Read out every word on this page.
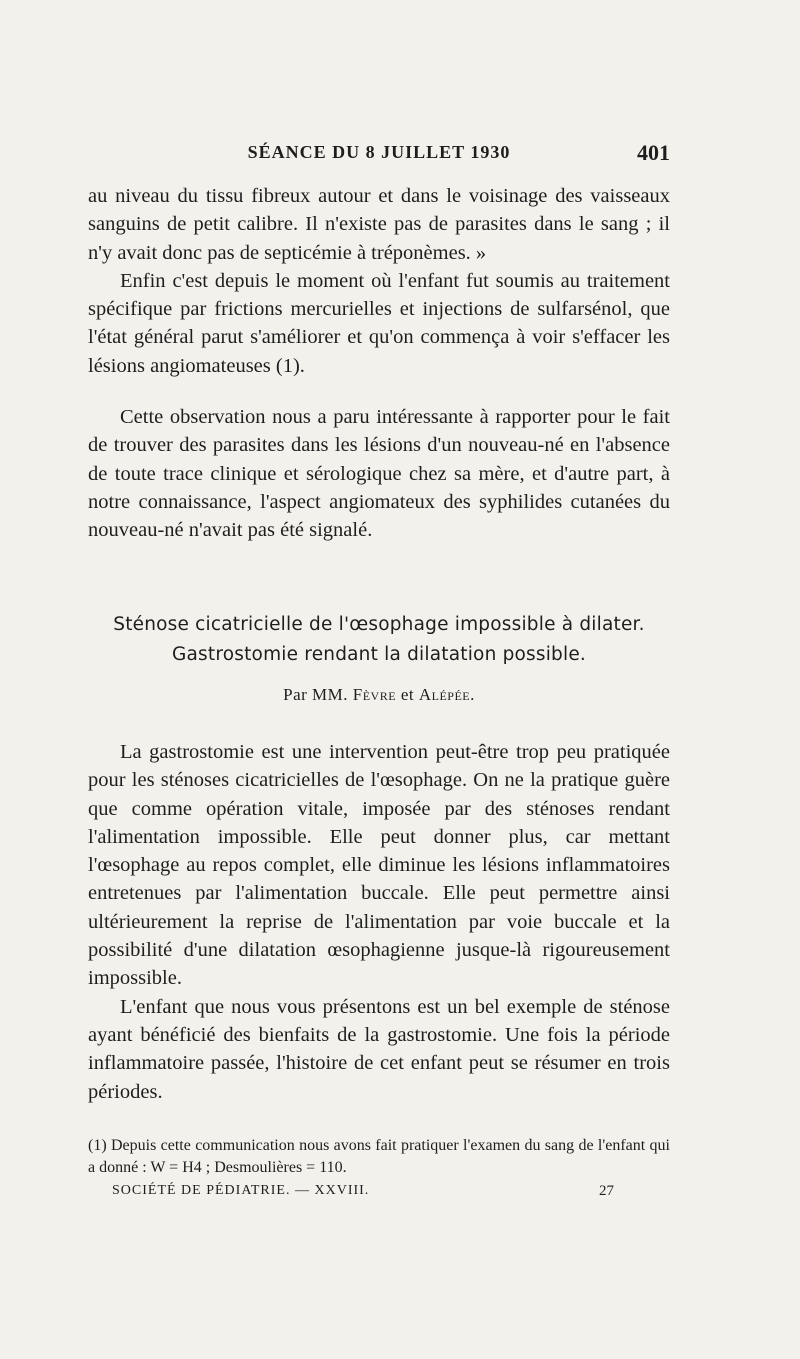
SÉANCE DU 8 JUILLET 1930	401

au niveau du tissu fibreux autour et dans le voisinage des vaisseaux sanguins de petit calibre. Il n'existe pas de parasites dans le sang ; il n'y avait donc pas de septicémie à tréponèmes. »

Enfin c'est depuis le moment où l'enfant fut soumis au traitement spécifique par frictions mercurielles et injections de sulfarsénol, que l'état général parut s'améliorer et qu'on commença à voir s'effacer les lésions angiomateuses (1).

Cette observation nous a paru intéressante à rapporter pour le fait de trouver des parasites dans les lésions d'un nouveau-né en l'absence de toute trace clinique et sérologique chez sa mère, et d'autre part, à notre connaissance, l'aspect angiomateux des syphilides cutanées du nouveau-né n'avait pas été signalé.

Sténose cicatricielle de l'œsophage impossible à dilater.
Gastrostomie rendant la dilatation possible.
Par MM. Fèvre et Alépée.

La gastrostomie est une intervention peut-être trop peu pratiquée pour les sténoses cicatricielles de l'œsophage. On ne la pratique guère que comme opération vitale, imposée par des sténoses rendant l'alimentation impossible. Elle peut donner plus, car mettant l'œsophage au repos complet, elle diminue les lésions inflammatoires entretenues par l'alimentation buccale. Elle peut permettre ainsi ultérieurement la reprise de l'alimentation par voie buccale et la possibilité d'une dilatation œsophagienne jusque-là rigoureusement impossible.

L'enfant que nous vous présentons est un bel exemple de sténose ayant bénéficié des bienfaits de la gastrostomie. Une fois la période inflammatoire passée, l'histoire de cet enfant peut se résumer en trois périodes.

(1) Depuis cette communication nous avons fait pratiquer l'examen du sang de l'enfant qui a donné : W = H4 ; Desmoulières = 110.
SOCIÉTÉ DE PÉDIATRIE. — XXVIII.	27
